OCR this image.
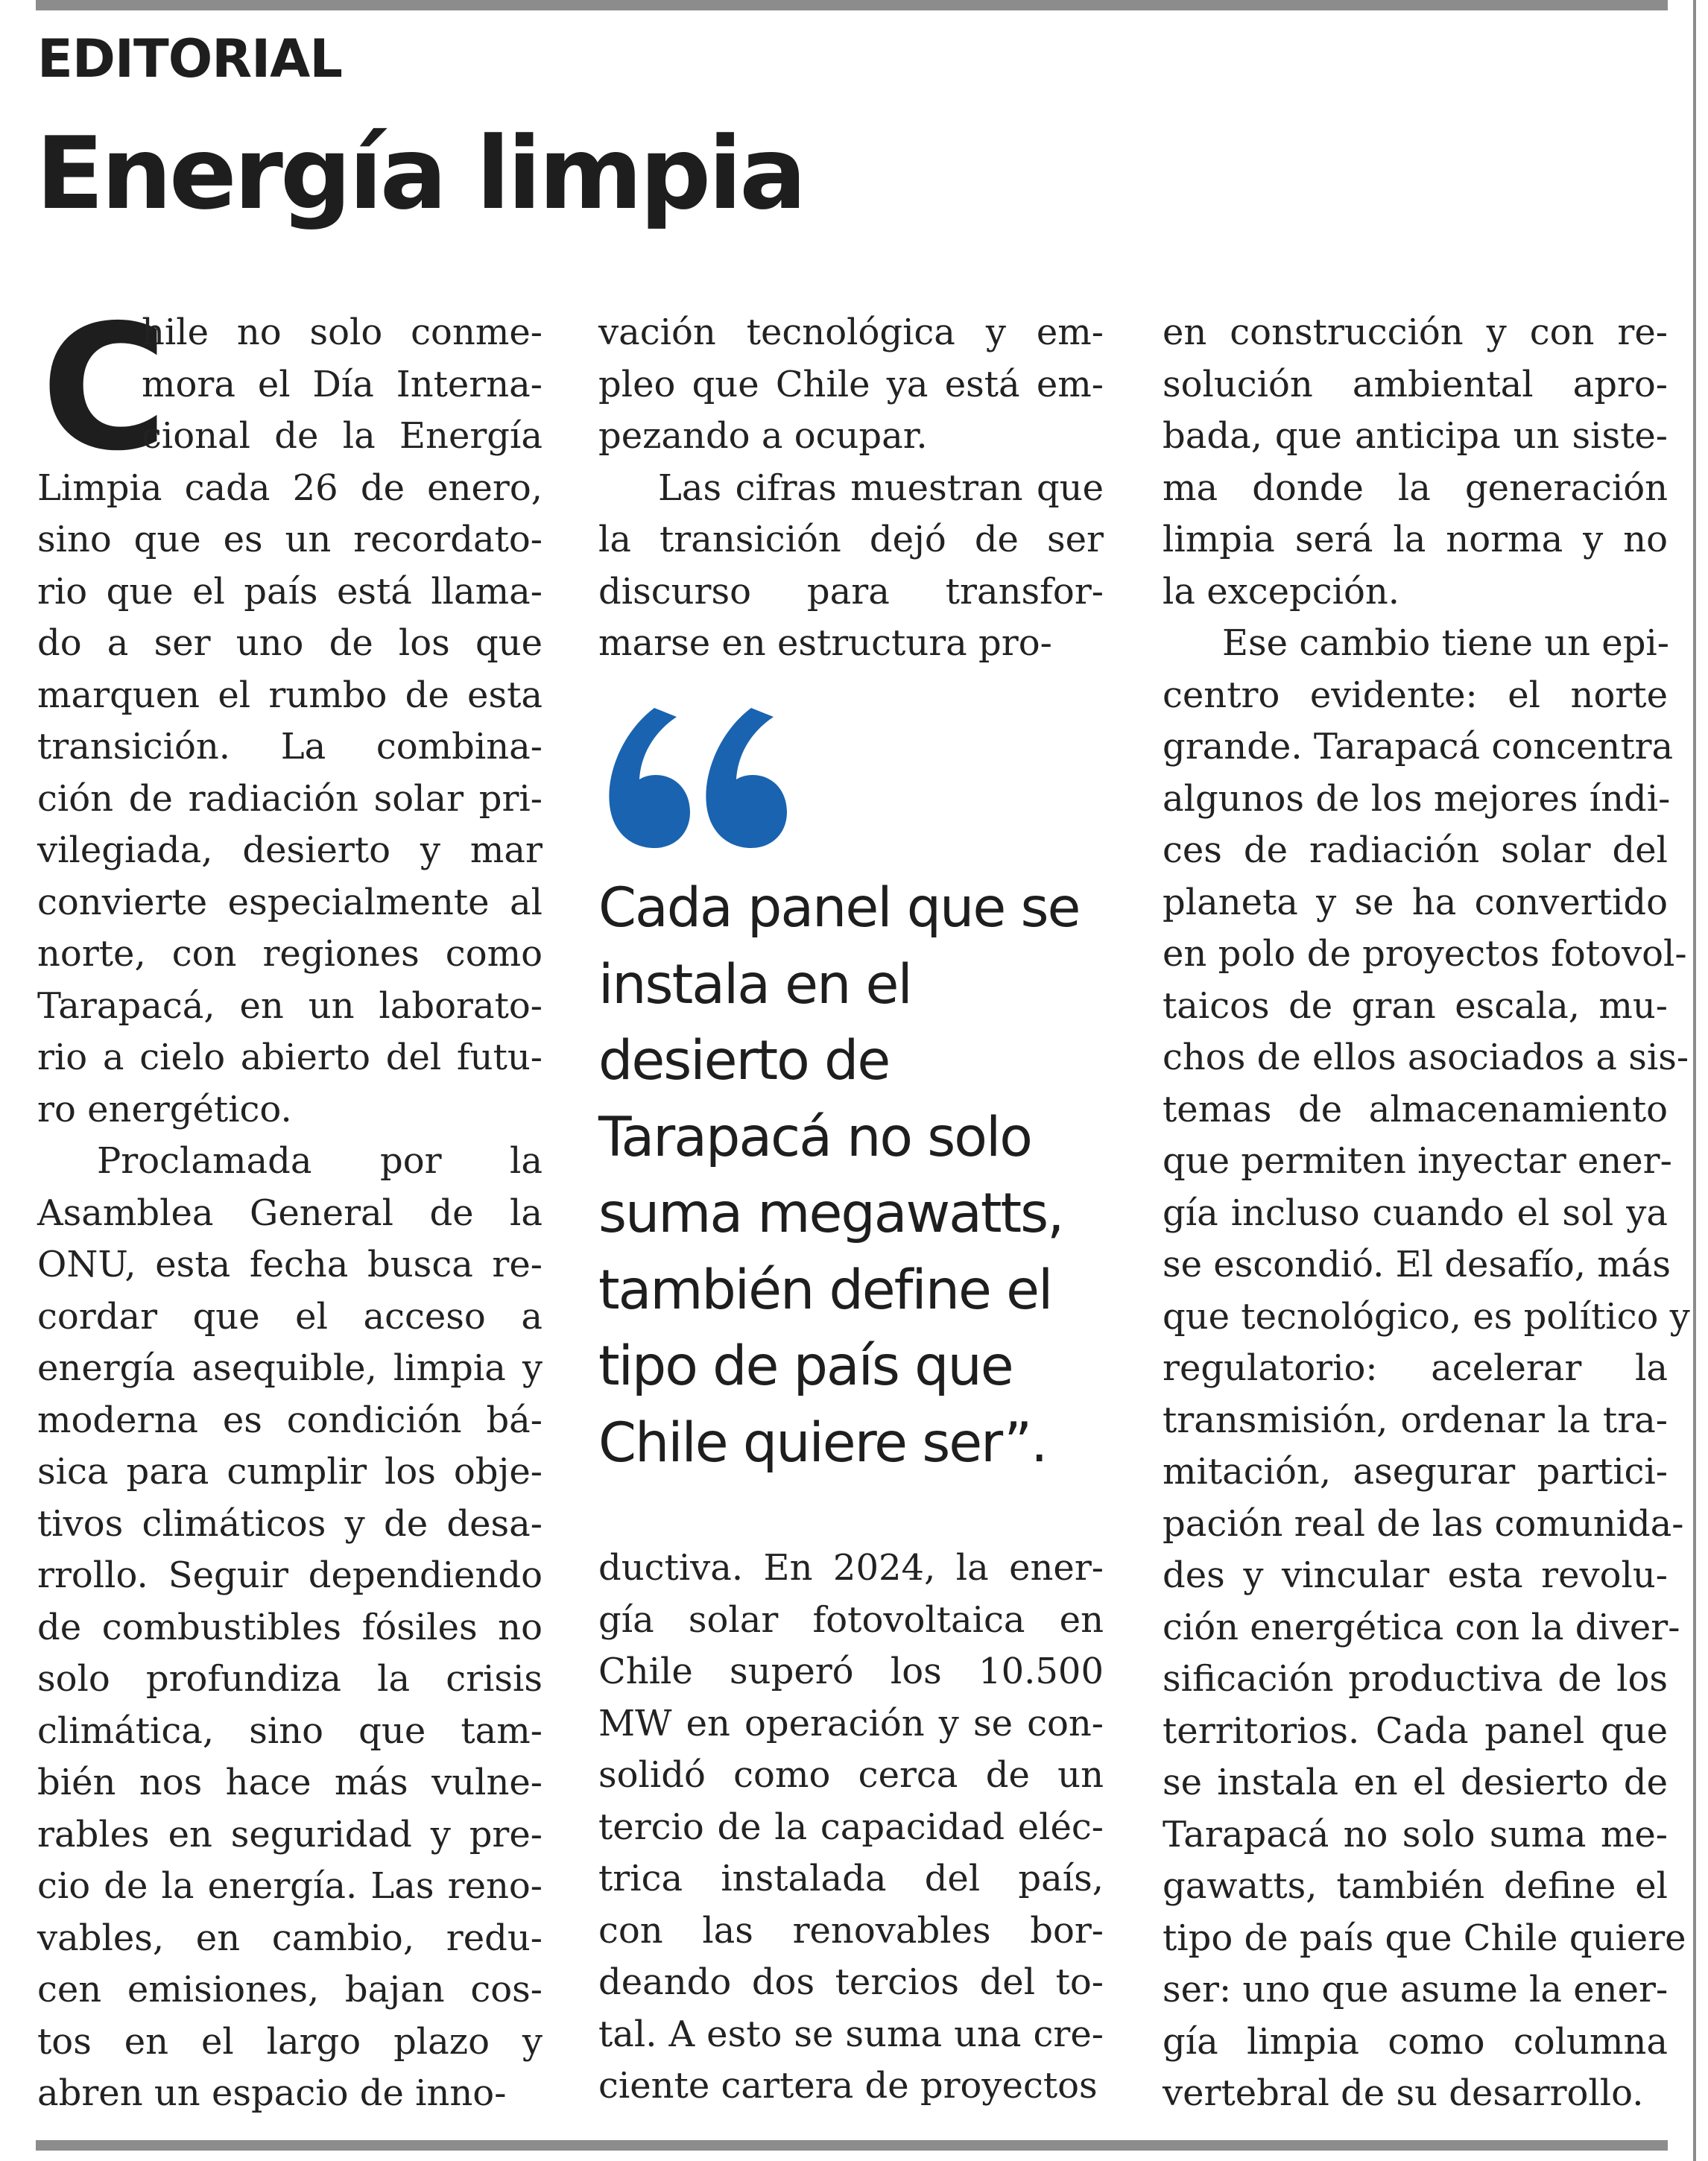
EDITORIAL
Energía limpia
C
hile no solo conme-
mora el Día Interna-
cional de la Energía
Limpia cada 26 de enero,
sino que es un recordato-
rio que el país está llama-
do a ser uno de los que
marquen el rumbo de esta
transición. La combina-
ción de radiación solar pri-
vilegiada, desierto y mar
convierte especialmente al
norte, con regiones como
Tarapacá, en un laborato-
rio a cielo abierto del futu-
ro energético.
Proclamada por la
Asamblea General de la
ONU, esta fecha busca re-
cordar que el acceso a
energía asequible, limpia y
moderna es condición bá-
sica para cumplir los obje-
tivos climáticos y de desa-
rrollo. Seguir dependiendo
de combustibles fósiles no
solo profundiza la crisis
climática, sino que tam-
bién nos hace más vulne-
rables en seguridad y pre-
cio de la energía. Las reno-
vables, en cambio, redu-
cen emisiones, bajan cos-
tos en el largo plazo y
abren un espacio de inno-
vación tecnológica y em-
pleo que Chile ya está em-
pezando a ocupar.
Las cifras muestran que
la transición dejó de ser
discurso para transfor-
marse en estructura pro-
Cada panel que se
instala en el
desierto de
Tarapacá no solo
suma megawatts,
también define el
tipo de país que
Chile quiere ser”.
ductiva. En 2024, la ener-
gía solar fotovoltaica en
Chile superó los 10.500
MW en operación y se con-
solidó como cerca de un
tercio de la capacidad eléc-
trica instalada del país,
con las renovables bor-
deando dos tercios del to-
tal. A esto se suma una cre-
ciente cartera de proyectos
en construcción y con re-
solución ambiental apro-
bada, que anticipa un siste-
ma donde la generación
limpia será la norma y no
la excepción.
Ese cambio tiene un epi-
centro evidente: el norte
grande. Tarapacá concentra
algunos de los mejores índi-
ces de radiación solar del
planeta y se ha convertido
en polo de proyectos fotovol-
taicos de gran escala, mu-
chos de ellos asociados a sis-
temas de almacenamiento
que permiten inyectar ener-
gía incluso cuando el sol ya
se escondió. El desafío, más
que tecnológico, es político y
regulatorio: acelerar la
transmisión, ordenar la tra-
mitación, asegurar partici-
pación real de las comunida-
des y vincular esta revolu-
ción energética con la diver-
sificación productiva de los
territorios. Cada panel que
se instala en el desierto de
Tarapacá no solo suma me-
gawatts, también define el
tipo de país que Chile quiere
ser: uno que asume la ener-
gía limpia como columna
vertebral de su desarrollo.
